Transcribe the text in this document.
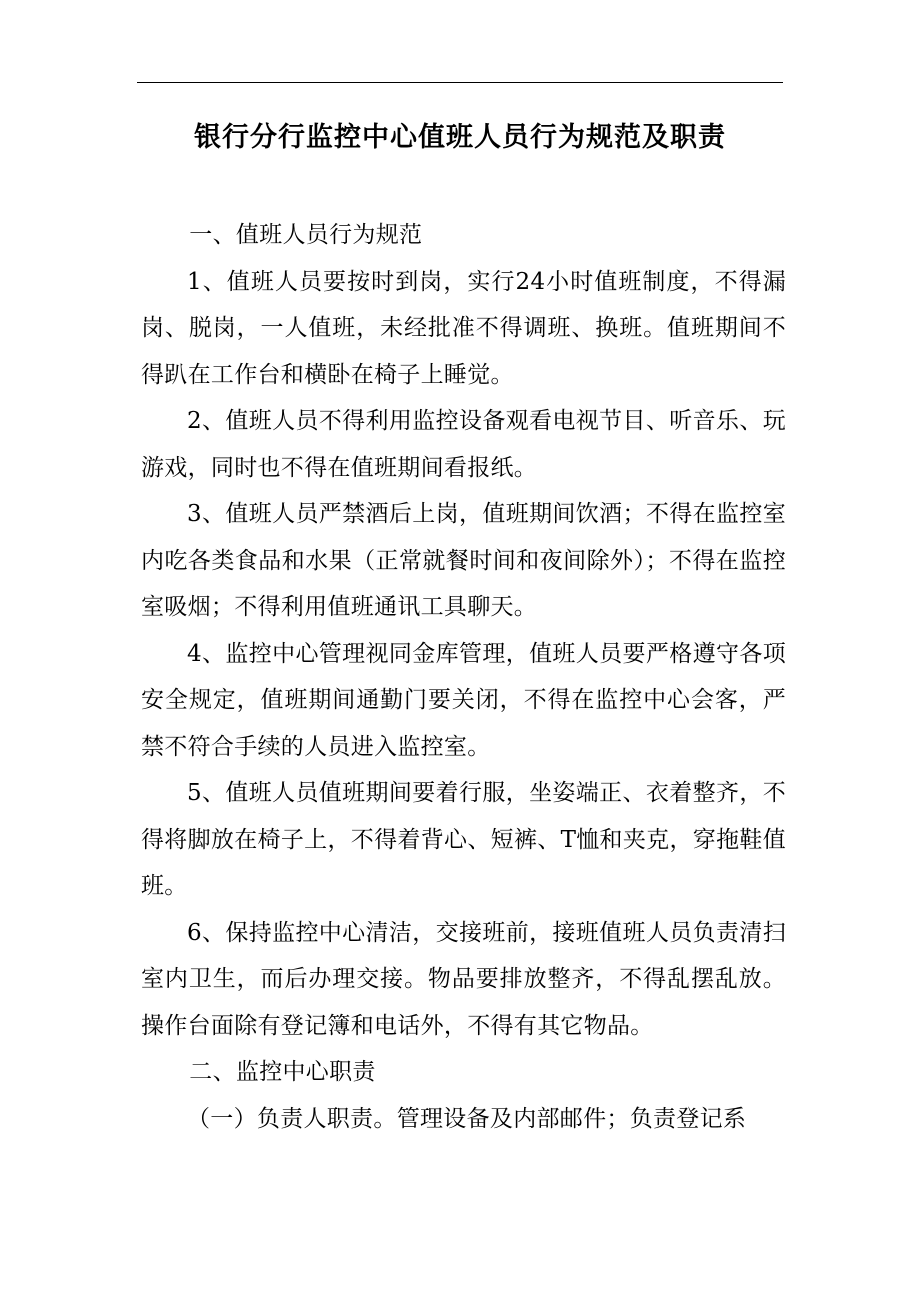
银行分行监控中心值班人员行为规范及职责

一、值班人员行为规范

1、值班人员要按时到岗，实行24小时值班制度，不得漏岗、脱岗，一人值班，未经批准不得调班、换班。值班期间不得趴在工作台和横卧在椅子上睡觉。

2、值班人员不得利用监控设备观看电视节目、听音乐、玩游戏，同时也不得在值班期间看报纸。

3、值班人员严禁酒后上岗，值班期间饮酒；不得在监控室内吃各类食品和水果（正常就餐时间和夜间除外）；不得在监控室吸烟；不得利用值班通讯工具聊天。

4、监控中心管理视同金库管理，值班人员要严格遵守各项安全规定，值班期间通勤门要关闭，不得在监控中心会客，严禁不符合手续的人员进入监控室。

5、值班人员值班期间要着行服，坐姿端正、衣着整齐，不得将脚放在椅子上，不得着背心、短裤、T恤和夹克，穿拖鞋值班。

6、保持监控中心清洁，交接班前，接班值班人员负责清扫室内卫生，而后办理交接。物品要排放整齐，不得乱摆乱放。操作台面除有登记簿和电话外，不得有其它物品。

二、监控中心职责

（一）负责人职责。管理设备及内部邮件；负责登记系
